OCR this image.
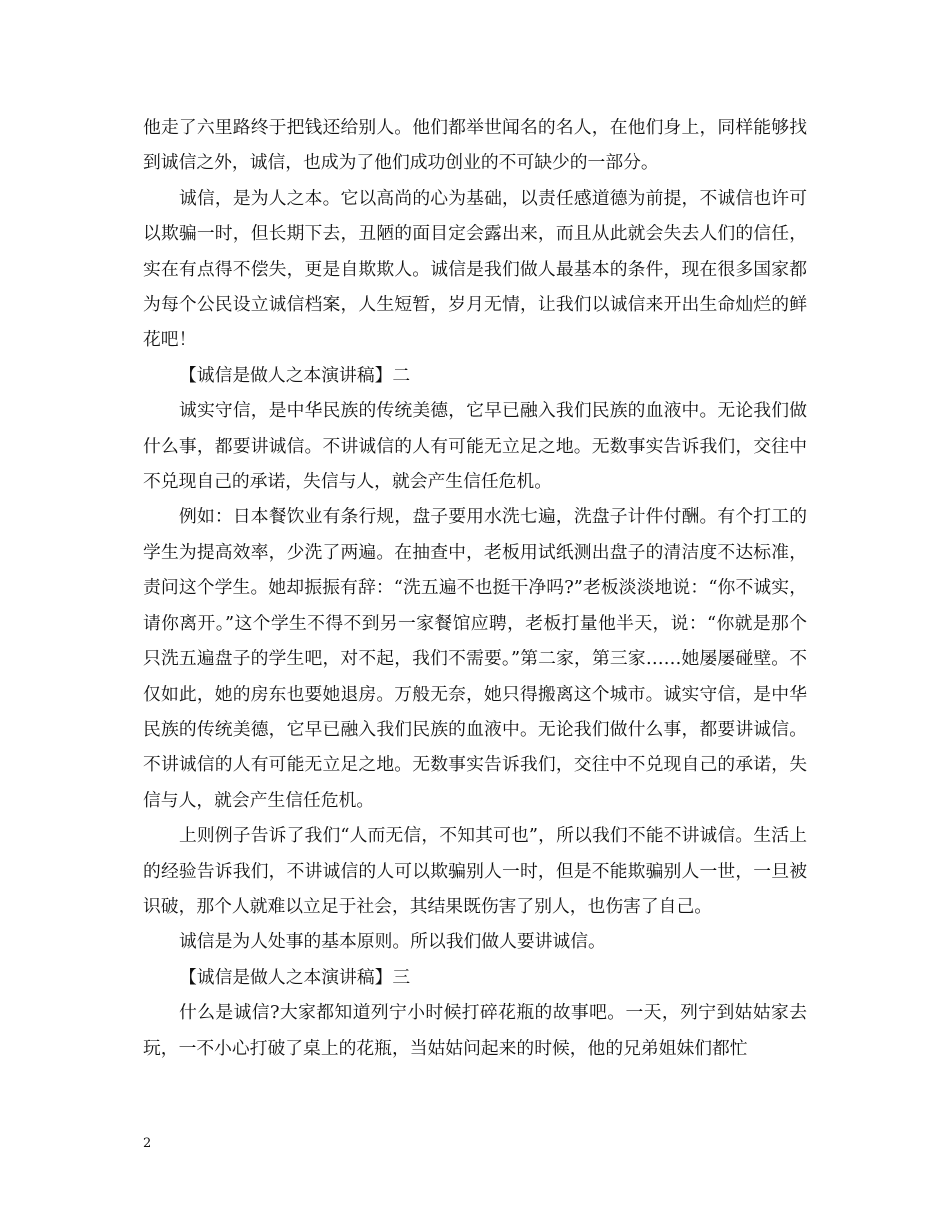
他走了六里路终于把钱还给别人。他们都举世闻名的名人，在他们身上，同样能够找到诚信之外，诚信，也成为了他们成功创业的不可缺少的一部分。

诚信，是为人之本。它以高尚的心为基础，以责任感道德为前提，不诚信也许可以欺骗一时，但长期下去，丑陋的面目定会露出来，而且从此就会失去人们的信任，实在有点得不偿失，更是自欺欺人。诚信是我们做人最基本的条件，现在很多国家都为每个公民设立诚信档案，人生短暂，岁月无情，让我们以诚信来开出生命灿烂的鲜花吧！

【诚信是做人之本演讲稿】二

诚实守信，是中华民族的传统美德，它早已融入我们民族的血液中。无论我们做什么事，都要讲诚信。不讲诚信的人有可能无立足之地。无数事实告诉我们，交往中不兑现自己的承诺，失信与人，就会产生信任危机。

例如：日本餐饮业有条行规，盘子要用水洗七遍，洗盘子计件付酬。有个打工的学生为提高效率，少洗了两遍。在抽查中，老板用试纸测出盘子的清洁度不达标准，责问这个学生。她却振振有辞：“洗五遍不也挺干净吗?”老板淡淡地说：“你不诚实，请你离开。”这个学生不得不到另一家餐馆应聘，老板打量他半天，说：“你就是那个只洗五遍盘子的学生吧，对不起，我们不需要。”第二家，第三家……她屡屡碰壁。不仅如此，她的房东也要她退房。万般无奈，她只得搬离这个城市。诚实守信，是中华民族的传统美德，它早已融入我们民族的血液中。无论我们做什么事，都要讲诚信。不讲诚信的人有可能无立足之地。无数事实告诉我们，交往中不兑现自己的承诺，失信与人，就会产生信任危机。

上则例子告诉了我们“人而无信，不知其可也”，所以我们不能不讲诚信。生活上的经验告诉我们，不讲诚信的人可以欺骗别人一时，但是不能欺骗别人一世，一旦被识破，那个人就难以立足于社会，其结果既伤害了别人，也伤害了自己。

诚信是为人处事的基本原则。所以我们做人要讲诚信。

【诚信是做人之本演讲稿】三

什么是诚信?大家都知道列宁小时候打碎花瓶的故事吧。一天，列宁到姑姑家去玩，一不小心打破了桌上的花瓶，当姑姑问起来的时候，他的兄弟姐妹们都忙

2
